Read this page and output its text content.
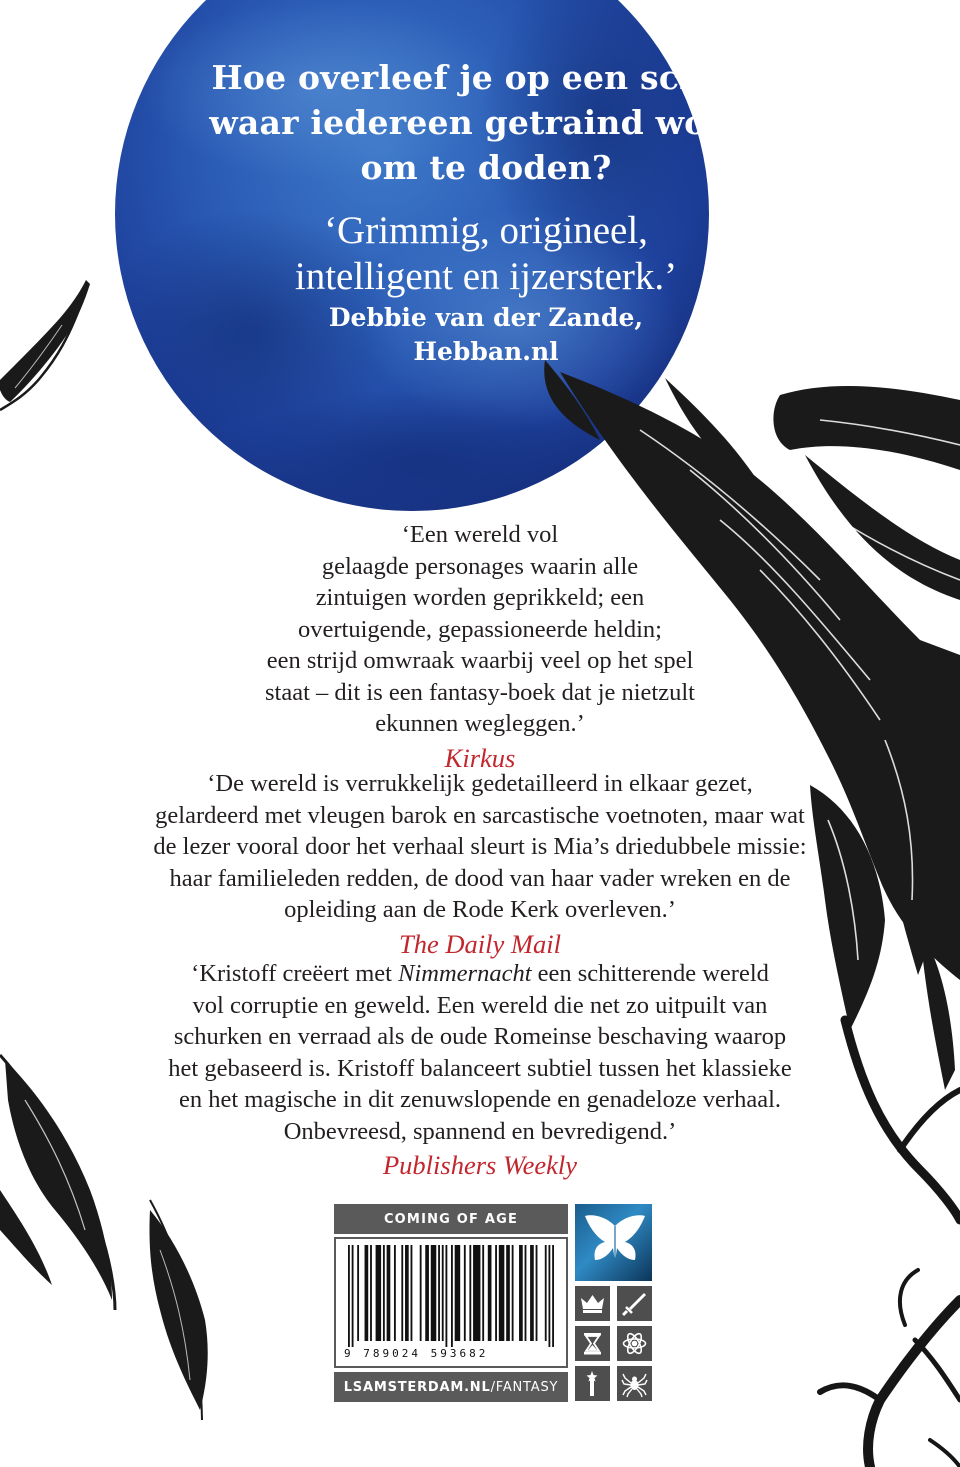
Hoe overleef je op een school
waar iedereen getraind wordt
om te doden?
‘Grimmig, origineel,
intelligent en ijzersterk.’
Debbie van der Zande,
Hebban.nl
‘Een wereld vol
gelaagde personages waarin alle
zintuigen worden geprikkeld; een
overtuigende, gepassioneerde heldin;
een strijd omwraak waarbij veel op het spel
staat – dit is een fantasy-boek dat je nietzult
ekunnen wegleggen.’
Kirkus
‘De wereld is verrukkelijk gedetailleerd in elkaar gezet,
gelardeerd met vleugen barok en sarcastische voetnoten, maar wat
de lezer vooral door het verhaal sleurt is Mia’s driedubbele missie:
haar familieleden redden, de dood van haar vader wreken en de
opleiding aan de Rode Kerk overleven.’
The Daily Mail
‘Kristoff creëert met Nimmernacht een schitterende wereld
vol corruptie en geweld. Een wereld die net zo uitpuilt van
schurken en verraad als de oude Romeinse beschaving waarop
het gebaseerd is. Kristoff balanceert subtiel tussen het klassieke
en het magische in dit zenuwslopende en genadeloze verhaal.
Onbevreesd, spannend en bevredigend.’
Publishers Weekly
COMING OF AGE
9 789024 593682
LSAMSTERDAM.NL /FANTASY
